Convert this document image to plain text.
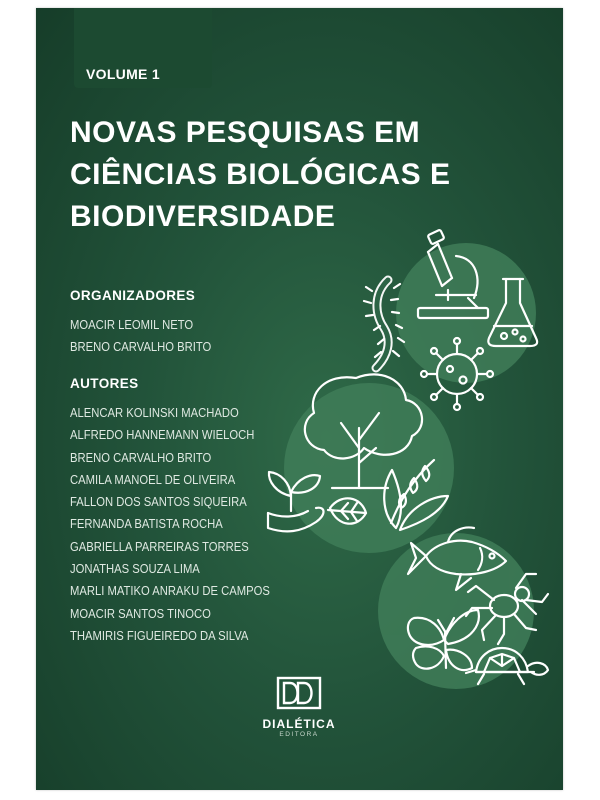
VOLUME 1
NOVAS PESQUISAS EM
CIÊNCIAS BIOLÓGICAS E
BIODIVERSIDADE
ORGANIZADORES
MOACIR LEOMIL NETO
BRENO CARVALHO BRITO
AUTORES
ALENCAR KOLINSKI MACHADO
ALFREDO HANNEMANN WIELOCH
BRENO CARVALHO BRITO
CAMILA MANOEL DE OLIVEIRA
FALLON DOS SANTOS SIQUEIRA
FERNANDA BATISTA ROCHA
GABRIELLA PARREIRAS TORRES
JONATHAS SOUZA LIMA
MARLI MATIKO ANRAKU DE CAMPOS
MOACIR SANTOS TINOCO
THAMIRIS FIGUEIREDO DA SILVA
DIALÉTICA
EDITORA
